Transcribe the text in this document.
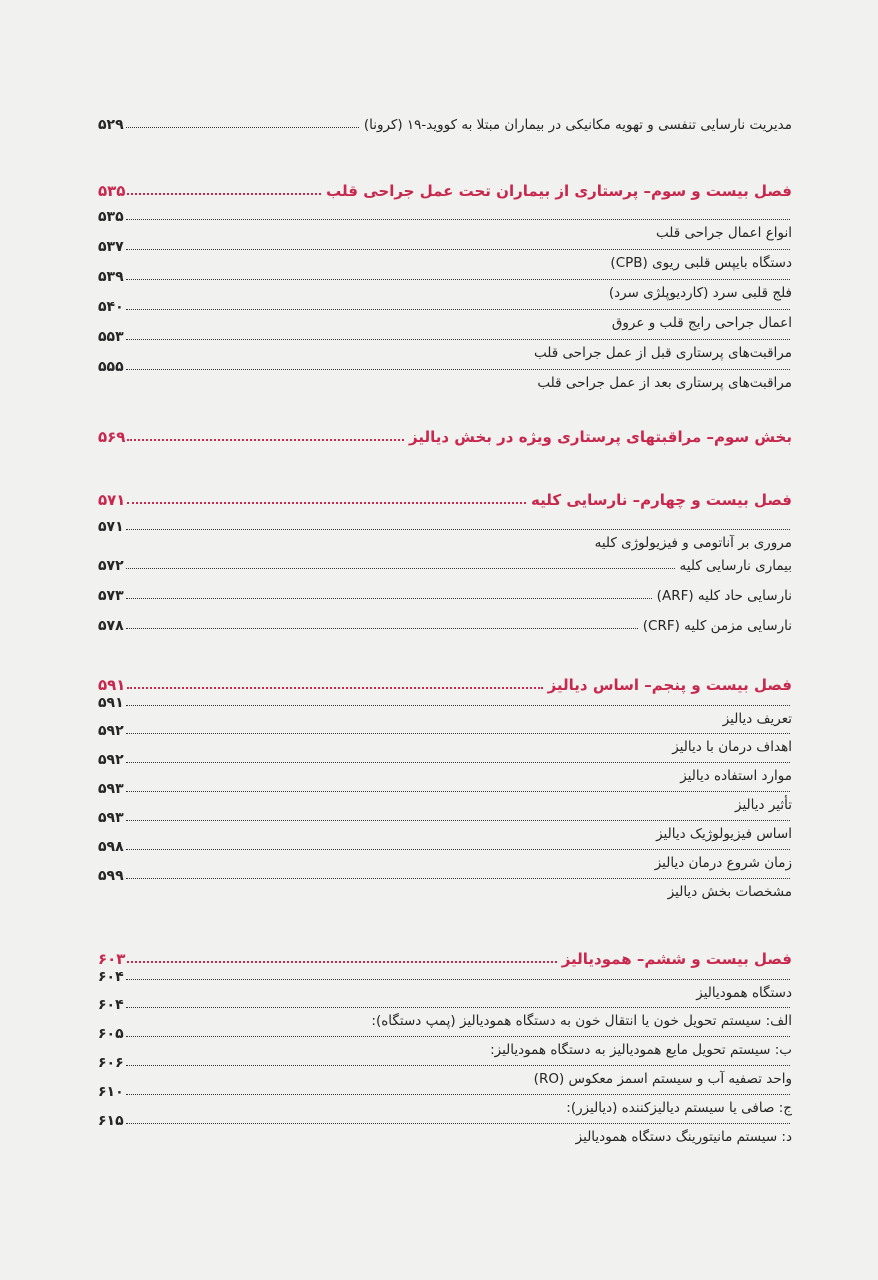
مدیریت نارسایی تنفسی و تهویه مکانیکی در بیماران مبتلا به کووید-۱۹ (کرونا)
۵۲۹
فصل بیست و سوم– پرستاری از بیماران تحت عمل جراحی قلب
۵۳۵
۵۳۵
انواع اعمال جراحی قلب
۵۳۷
دستگاه بایپس قلبی ریوی (CPB)
۵۳۹
فلج قلبی سرد (کاردیوپلژی سرد)
۵۴۰
اعمال جراحی رایج قلب و عروق
۵۵۳
مراقبت‌های پرستاری قبل از عمل جراحی قلب
۵۵۵
مراقبت‌های پرستاری بعد از عمل جراحی قلب
بخش سوم– مراقبتهای پرستاری ویژه در بخش دیالیز
۵۶۹
فصل بیست و چهارم– نارسایی کلیه
۵۷۱
۵۷۱
مروری بر آناتومی و فیزیولوژی کلیه
بیماری نارسایی کلیه
۵۷۲
نارسایی حاد کلیه (ARF)
۵۷۳
نارسایی مزمن کلیه (CRF)
۵۷۸
فصل بیست و پنجم– اساس دیالیز
۵۹۱
۵۹۱
تعریف دیالیز
۵۹۲
اهداف درمان با دیالیز
۵۹۲
موارد استفاده دیالیز
۵۹۳
تأثیر دیالیز
۵۹۳
اساس فیزیولوژیک دیالیز
۵۹۸
زمان شروع درمان دیالیز
۵۹۹
مشخصات بخش دیالیز
فصل بیست و ششم– همودیالیز
۶۰۳
۶۰۴
دستگاه همودیالیز
۶۰۴
الف: سیستم تحویل خون یا انتقال خون به دستگاه همودیالیز (پمپ دستگاه):
۶۰۵
ب: سیستم تحویل مایع همودیالیز به دستگاه همودیالیز:
۶۰۶
واحد تصفیه آب و سیستم اسمز معکوس (RO)
۶۱۰
ج: صافی یا سیستم دیالیزکننده (دیالیزر):
۶۱۵
د: سیستم مانیتورینگ دستگاه همودیالیز
